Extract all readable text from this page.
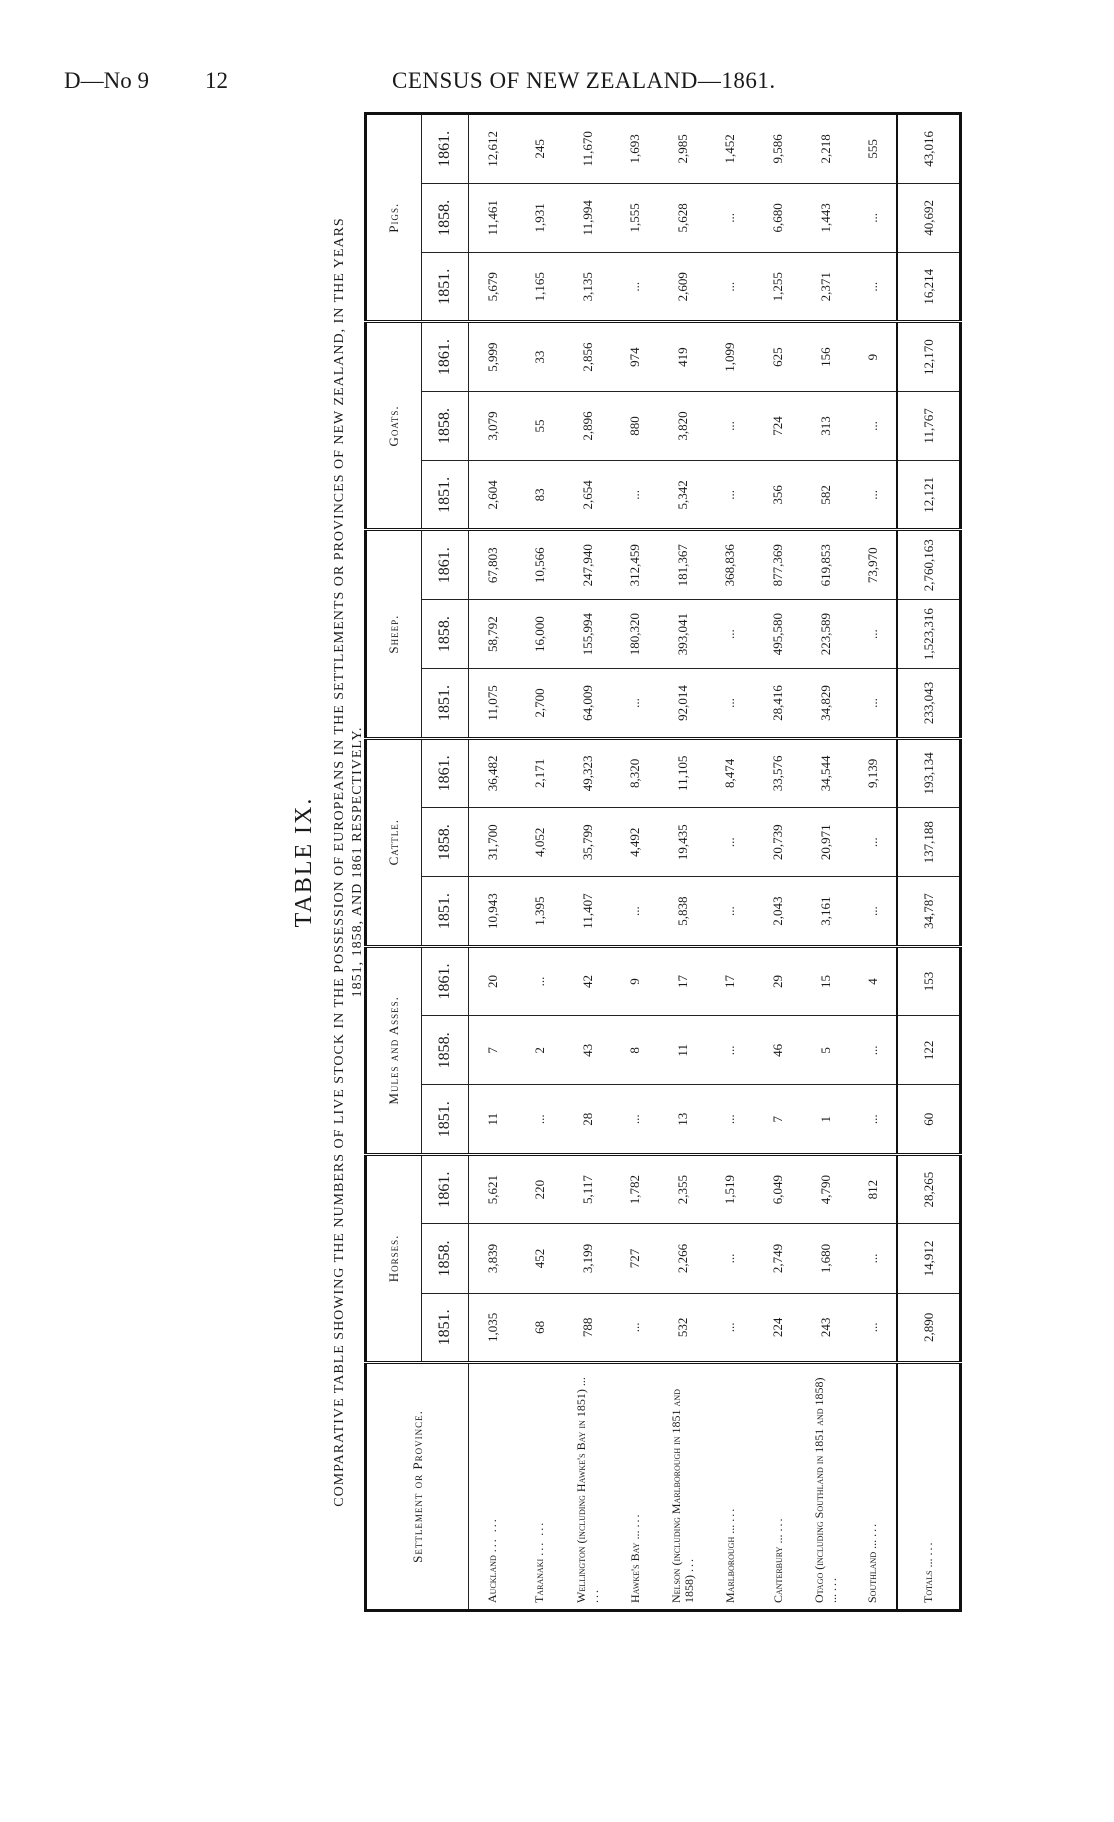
D—No 9 12	CENSUS OF NEW ZEALAND—1861.
TABLE IX. COMPARATIVE TABLE SHOWING THE NUMBERS OF LIVE STOCK IN THE POSSESSION OF EUROPEANS IN THE SETTLEMENTS OR PROVINCES OF NEW ZEALAND, IN THE YEARS 1851, 1858, AND 1861 RESPECTIVELY.
Settlement or Province.	Horses.			Mules and Asses.			Cattle.			Sheep.			Goats.			Pigs.		
	1851.	1858.	1861.	1851.	1858.	1861.	1851.	1858.	1861.	1851.	1858.	1861.	1851.	1858.	1861.	1851.	1858.	1861.
Auckland ... ...	1,035	3,839	5,621	11	7	20	10,943	31,700	36,482	11,075	58,792	67,803	2,604	3,079	5,999	5,679	11,461	12,612
Taranaki ... ...	68	452	220	...	2	...	1,395	4,052	2,171	2,700	16,000	10,566	83	55	33	1,165	1,931	245
Wellington (including Hawke's Bay in 1851) ... ...	788	3,199	5,117	28	43	42	11,407	35,799	49,323	64,009	155,994	247,940	2,654	2,896	2,856	3,135	11,994	11,670
Hawke's Bay ... ...	...	727	1,782	...	8	9	...	4,492	8,320	...	180,320	312,459	...	880	974	...	1,555	1,693
Nelson (including Marlborough in 1851 and 1858) ...	532	2,266	2,355	13	11	17	5,838	19,435	11,105	92,014	393,041	181,367	5,342	3,820	419	2,609	5,628	2,985
Marlborough ... ...	...	...	1,519	...	...	17	...	...	8,474	...	...	368,836	...	...	1,099	...	...	1,452
Canterbury ... ...	224	2,749	6,049	7	46	29	2,043	20,739	33,576	28,416	495,580	877,369	356	724	625	1,255	6,680	9,586
Otago (including Southland in 1851 and 1858) ... ...	243	1,680	4,790	1	5	15	3,161	20,971	34,544	34,829	223,589	619,853	582	313	156	2,371	1,443	2,218
Southland ... ...	...	...	812	...	...	4	...	...	9,139	...	...	73,970	...	...	9	...	...	555
Totals ... ...	2,890	14,912	28,265	60	122	153	34,787	137,188	193,134	233,043	1,523,316	2,760,163	12,121	11,767	12,170	16,214	40,692	43,016
